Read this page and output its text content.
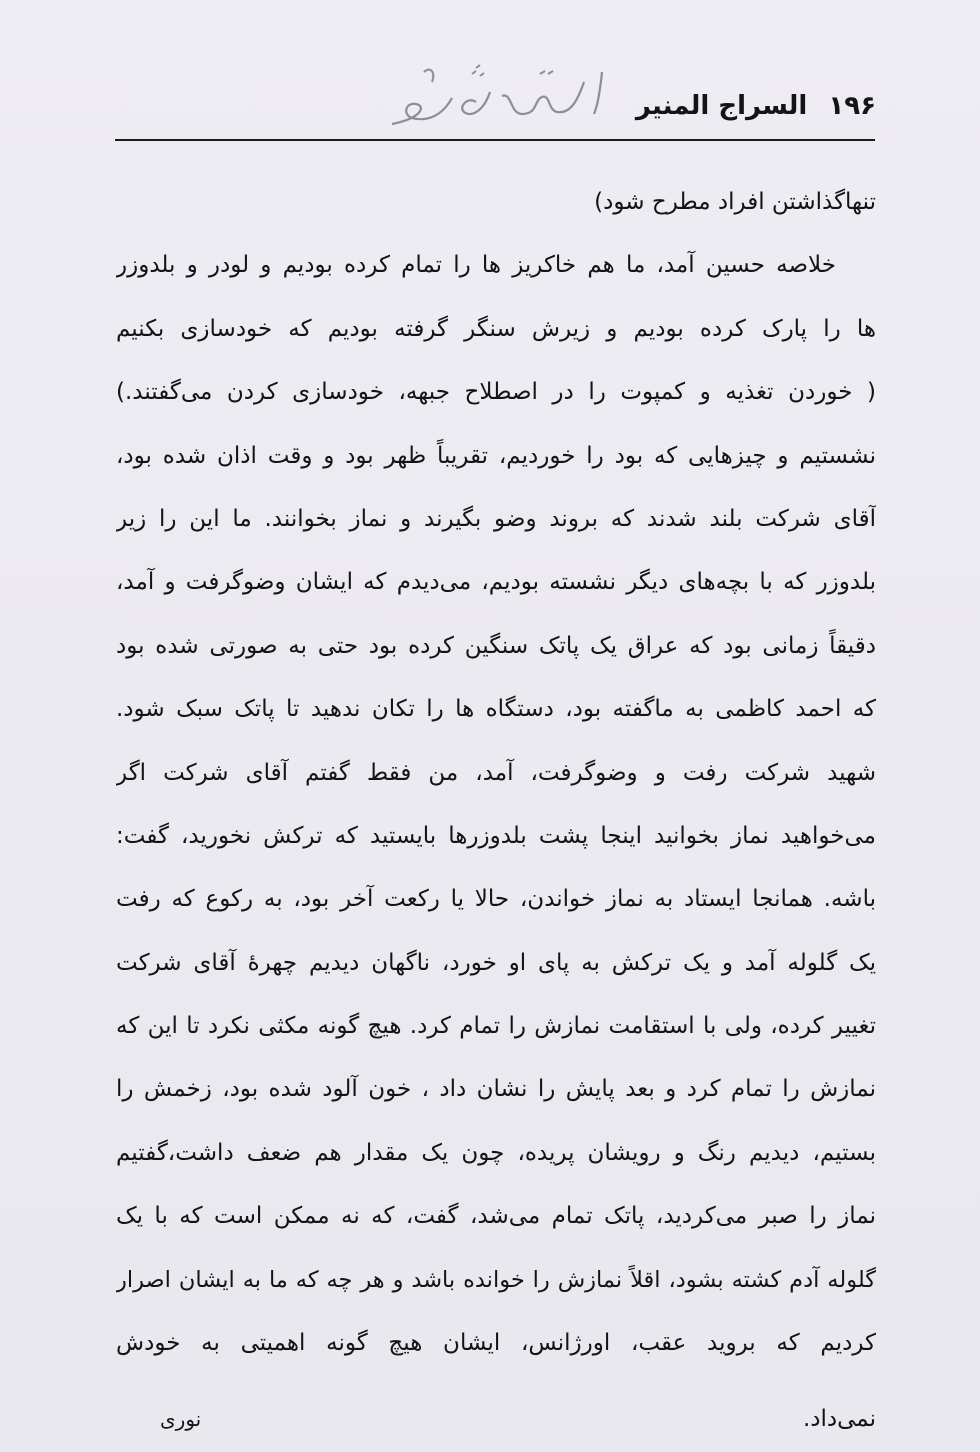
۱۹۶ السراج المنیر
تنهاگذاشتن افراد مطرح شود)
خلاصه حسین آمد، ما هم خاکریز ها را تمام کرده بودیم و لودر و بلدوزر
ها را پارک کرده بودیم و زیرش سنگر گرفته بودیم که خودسازی بکنیم
( خوردن تغذیه و کمپوت را در اصطلاح جبهه، خودسازی کردن می‌گفتند.)
نشستیم و چیزهایی که بود را خوردیم، تقریباً ظهر بود و وقت اذان شده بود،
آقای شرکت بلند شدند که بروند وضو بگیرند و نماز بخوانند. ما این را زیر
بلدوزر که با بچه‌های دیگر نشسته بودیم، می‌دیدم که ایشان وضوگرفت و آمد،
دقیقاً زمانی بود که عراق یک پاتک سنگین کرده بود حتی به صورتی شده بود
که احمد کاظمی به ماگفته بود، دستگاه ها را تکان ندهید تا پاتک سبک شود.
شهید شرکت رفت و وضوگرفت، آمد، من فقط گفتم آقای شرکت اگر
می‌خواهید نماز بخوانید اینجا پشت بلدوزرها بایستید که ترکش نخورید، گفت:
باشه. همانجا ایستاد به نماز خواندن، حالا یا رکعت آخر بود، به رکوع که رفت
یک گلوله آمد و یک ترکش به پای او خورد، ناگهان دیدیم چهرهٔ آقای شرکت
تغییر کرده، ولی با استقامت نمازش را تمام کرد. هیچ گونه مکثی نکرد تا این که
نمازش را تمام کرد و بعد پایش را نشان داد ، خون آلود شده بود، زخمش را
بستیم، دیدیم رنگ و رویشان پریده، چون یک مقدار هم ضعف داشت،گفتیم
نماز را صبر می‌کردید، پاتک تمام می‌شد، گفت، که نه ممکن است که با یک
گلوله آدم کشته بشود، اقلاً نمازش را خوانده باشد و هر چه که ما به ایشان اصرار
کردیم که بروید عقب، اورژانس، ایشان هیچ گونه اهمیتی به خودش
نمی‌داد.
نوری
